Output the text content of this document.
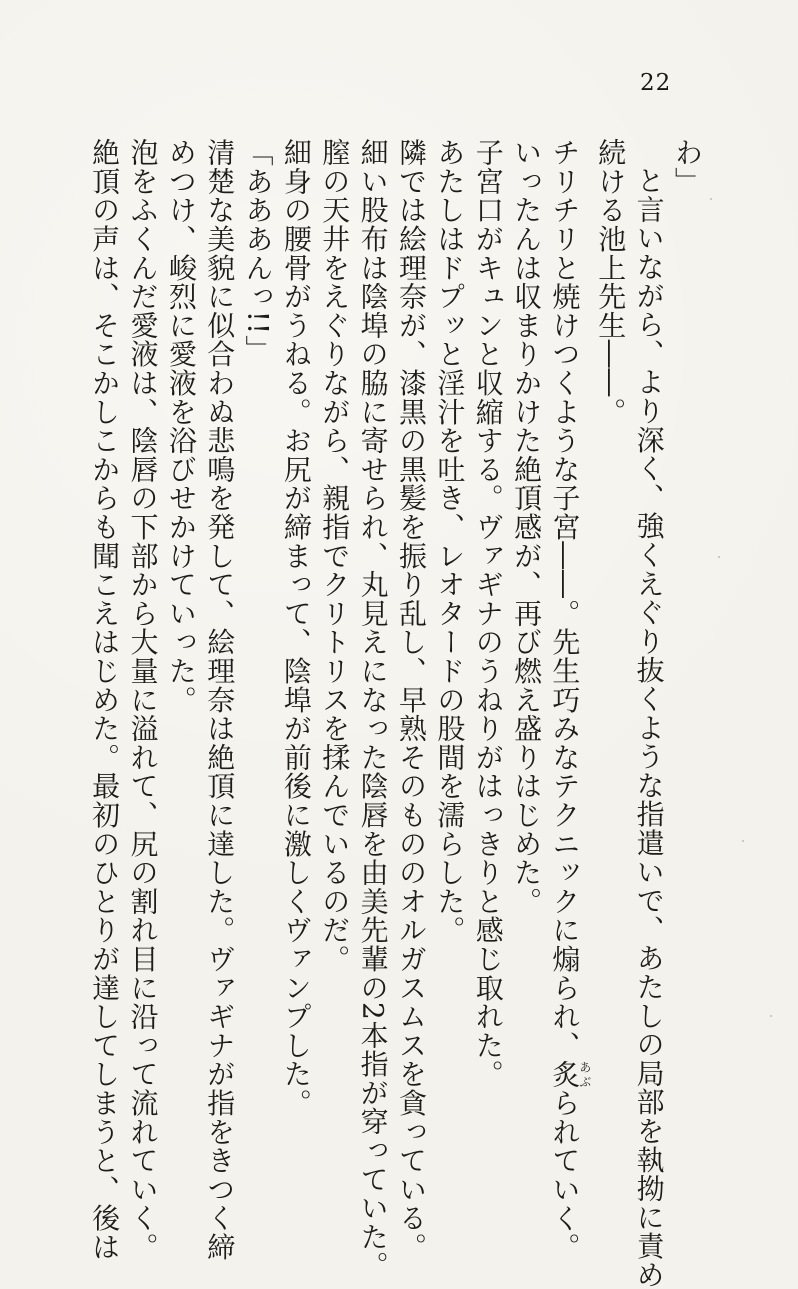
22
わ」
と言いながら、より深く、強くえぐり抜くような指遣いで、あたしの局部を執拗に責め
続ける池上先生――。
チリチリと焼けつくような子宮――。先生巧みなテクニックに煽られ、炙あぶられていく。
いったんは収まりかけた絶頂感が、再び燃え盛りはじめた。
子宮口がキュンと収縮する。ヴァギナのうねりがはっきりと感じ取れた。
あたしはドプッと淫汁を吐き、レオタードの股間を濡らした。
隣では絵理奈が、漆黒の黒髪を振り乱し、早熟そのもののオルガスムスを貪っている。
細い股布は陰埠の脇に寄せられ、丸見えになった陰唇を由美先輩の2本指が穿っていた。
膣の天井をえぐりながら、親指でクリトリスを揉んでいるのだ。
細身の腰骨がうねる。お尻が締まって、陰埠が前後に激しくヴァンプした。
「あああんっ!!」
清楚な美貌に似合わぬ悲鳴を発して、絵理奈は絶頂に達した。ヴァギナが指をきつく締
めつけ、峻烈に愛液を浴びせかけていった。
泡をふくんだ愛液は、陰唇の下部から大量に溢れて、尻の割れ目に沿って流れていく。
絶頂の声は、そこかしこからも聞こえはじめた。最初のひとりが達してしまうと、後は
